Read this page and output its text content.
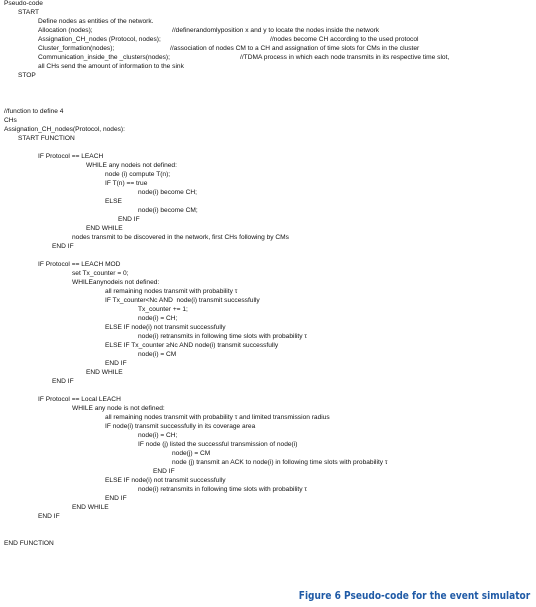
Pseudo-code
START
Define nodes as entities of the network.
Allocation (nodes);	//definerandomlyposition x and y to locate the nodes inside the network
Assignation_CH_nodes (Protocol, nodes);	//nodes become CH according to the used protocol
Cluster_formation(nodes);	//association of nodes CM to a CH and assignation of time slots for CMs in the cluster
Communication_inside_the _clusters(nodes);	//TDMA process in which each node transmits in its respective time slot,
all CHs send the amount of information to the sink
STOP
//function to define 4
CHs
Assignation_CH_nodes(Protocol, nodes):
START FUNCTION
IF Protocol == LEACH
WHILE any nodeis not defined:
node (i) compute T(n);
IF T(n) == true
node(i) become CH;
ELSE
node(i) become CM;
END IF
END WHILE
nodes transmit to be discovered in the network, first CHs following by CMs
END IF
IF Protocol == LEACH MOD
set Tx_counter = 0;
WHILEanynodeis not defined:
all remaining nodes transmit with probability τ
IF Tx_counter<Nc AND  node(i) transmit successfully
Tx_counter += 1;
node(i) = CH;
ELSE IF node(i) not transmit successfully
node(i) retransmits in following time slots with probability τ
ELSE IF Tx_counter ≥Nc AND node(i) transmit successfully
node(i) = CM
END IF
END WHILE
END IF
IF Protocol == Local LEACH
WHILE any node is not defined:
all remaining nodes transmit with probability τ and limited transmission radius
IF node(i) transmit successfully in its coverage area
node(i) = CH;
IF node (j) listed the successful transmission of node(i)
node(j) = CM
node (j) transmit an ACK to node(i) in following time slots with probability τ
END IF
ELSE IF node(i) not transmit successfully
node(i) retransmits in following time slots with probability τ
END IF
END WHILE
END IF
END FUNCTION
Figure 6 Pseudo-code for the event simulator
